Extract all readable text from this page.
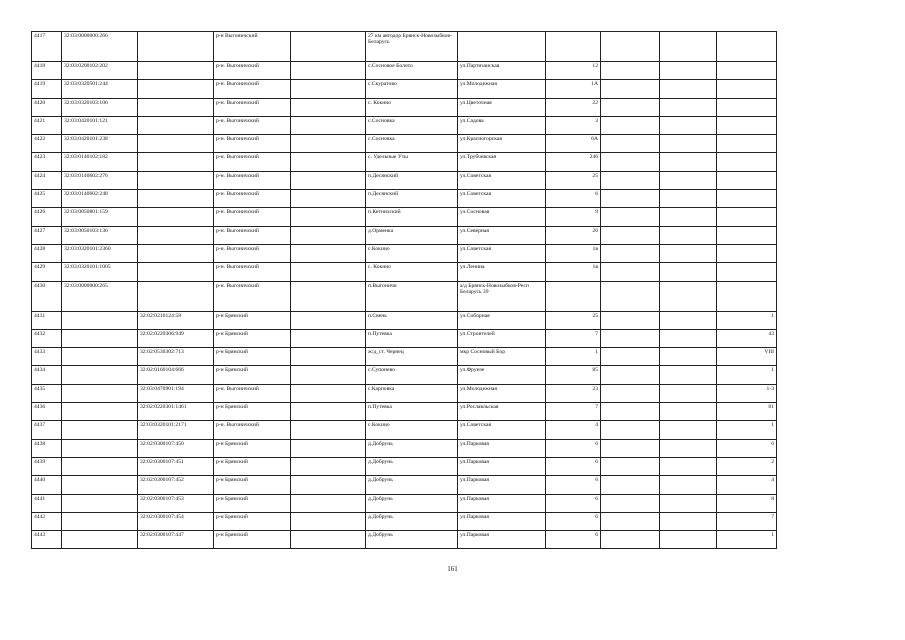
4417	32:03:0000000:266		р-н Выгоничский		27 км автодор Брянск-Новозыбков-Беларусь					
4418	32:03:0200102:202		р-н. Выгоничский		с.Сосновое Болото	ул.Партизанская	12			
4419	32:03:0320501:244		р-н. Выгоничский		с.Скуратово	ул.Молодежная	1А			
4420	32:03:0320103:106		р-н. Выгоничский		с. Кокино	ул.Цветочная	22			
4421	32:03:0420101:121		р-н. Выгоничский		с.Сосновка	ул.Садова	3			
4422	32:03:0420101:238		р-н. Выгоничский		с.Сосновка	ул.Красногорская	6А			
4423	32:03:0140102:182		р-н. Выгоничский		с. Удельные Уты	ул.Трубчевская	246			
4424	32:03:0140602:276		р-н. Выгоничский		п.Десянский	ул.Советская	25			
4425	32:03:0140602:248		р-н. Выгоничский		п.Десянский	ул.Советская	6			
4426	32:03:0050801:159		р-н. Выгоничский		п.Кетнихский	ул.Сосновая	9			
4427	32:03:0050103:136		р-н. Выгоничский		д.Орменка	ул.Северная	26			
4428	32:03:0320101:2360		р-н. Выгоничский		с.Кокино	ул.Советская	1в			
4429	32:03:0320101:1005		р-н. Выгоничский		с. Кокино	ул.Ленина	1в			
4430	32:03:0000000:265		р-н. Выгоничский		п.Выгоничи	а/д Брянск-Новозыбков-Респ Беларусь 39				
4431		32:02:0210124:58	р-н Брянский		п.Свень	ул.Соборная	25			1
4432		32:02:0220306:949	р-н Брянский		п.Путевка	ул.Строителей	7			43
4433		32:02:0530302:713	р-н Брянский		ж/д_ст. Чернец	мкр Сосновый Бор	1			VIII
4434		32:02:0160104:666	р-н Брянский		с.Супонево	ул.Фрунзе	85			1
4435		32:03:0470901:194	р-н. Выгоничский		с.Карповка	ул.Молодежная	23			1-3
4436		32:02:0220301:1461	р-н Брянский		п.Путевка	ул.Рославльская	7			81
4437		32:03:0320101:2171	р-н. Выгоничский		с.Кокино	ул.Советская	4			1
4438		32:02:0300107:450	р-н Брянский		д.Добрунь	ул.Парковая	6			6
4439		32:02:0300107:451	р-н Брянский		д.Добрунь	ул.Парковая	6			2
4440		32:02:0300107:452	р-н Брянский		д.Добрунь	ул.Парковая	6			4
4441		32:02:0300107:453	р-н Брянский		д.Добрунь	ул.Парковая	6			8
4442		32:02:0300107:454	р-н Брянский		д.Добрунь	ул.Парковая	6			7
4443		32:02:0300107:447	р-н Брянский		д.Добрунь	ул.Парковая	6			1
161
